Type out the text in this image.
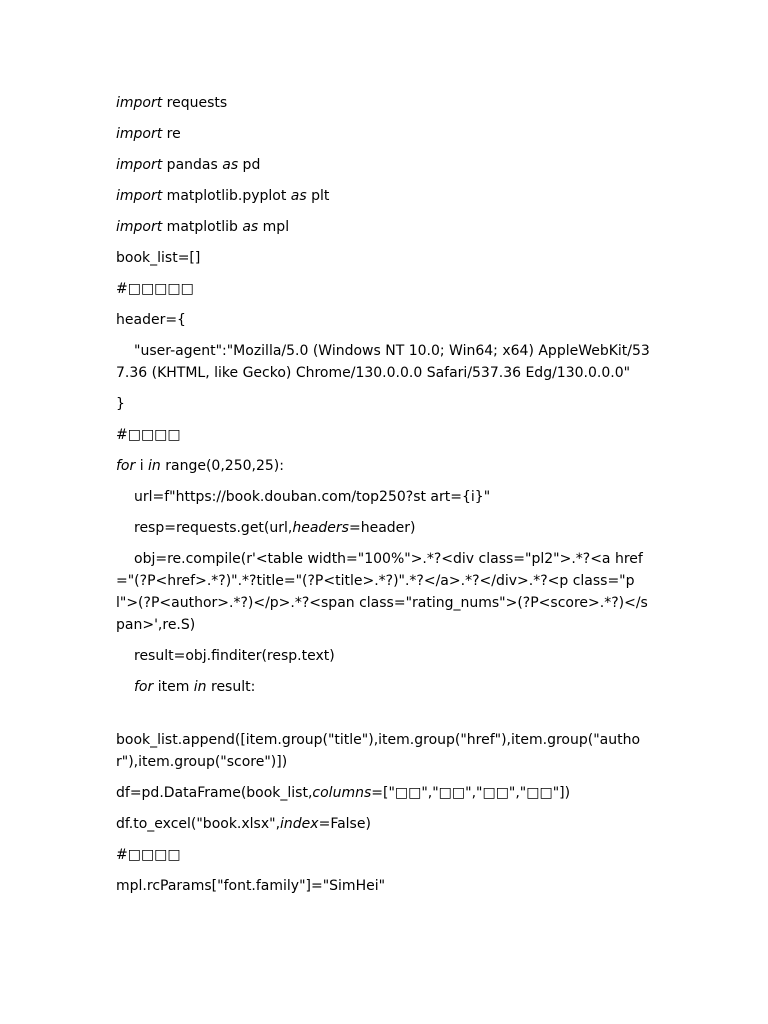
import requests

import re

import pandas as pd

import matplotlib.pyplot as plt

import matplotlib as mpl

book_list=[]

#□□□□□

header={

"user-agent":"Mozilla/5.0 (Windows NT 10.0; Win64; x64) AppleWebKit/537.36 (KHTML, like Gecko) Chrome/130.0.0.0 Safari/537.36 Edg/130.0.0.0"

}

#□□□□

for i in range(0,250,25):

url=f"https://book.douban.com/top250?st art={i}"

resp=requests.get(url,headers=header)

obj=re.compile(r'<table width="100%">.*?<div class="pl2">.*?<a href="(?P<href>.*?)".*?title="(?P<title>.*?)".*?</a>.*?</div>.*?<p class="pl">(?P<author>.*?)</p>.*?<span class="rating_nums">(?P<score>.*?)</span>',re.S)

result=obj.finditer(resp.text)

for item in result:

book_list.append([item.group("title"),item.group("href"),item.group("author"),item.group("score")])

df=pd.DataFrame(book_list,columns=["□□","□□","□□","□□"])

df.to_excel("book.xlsx",index=False)

#□□□□

mpl.rcParams["font.family"]="SimHei"
